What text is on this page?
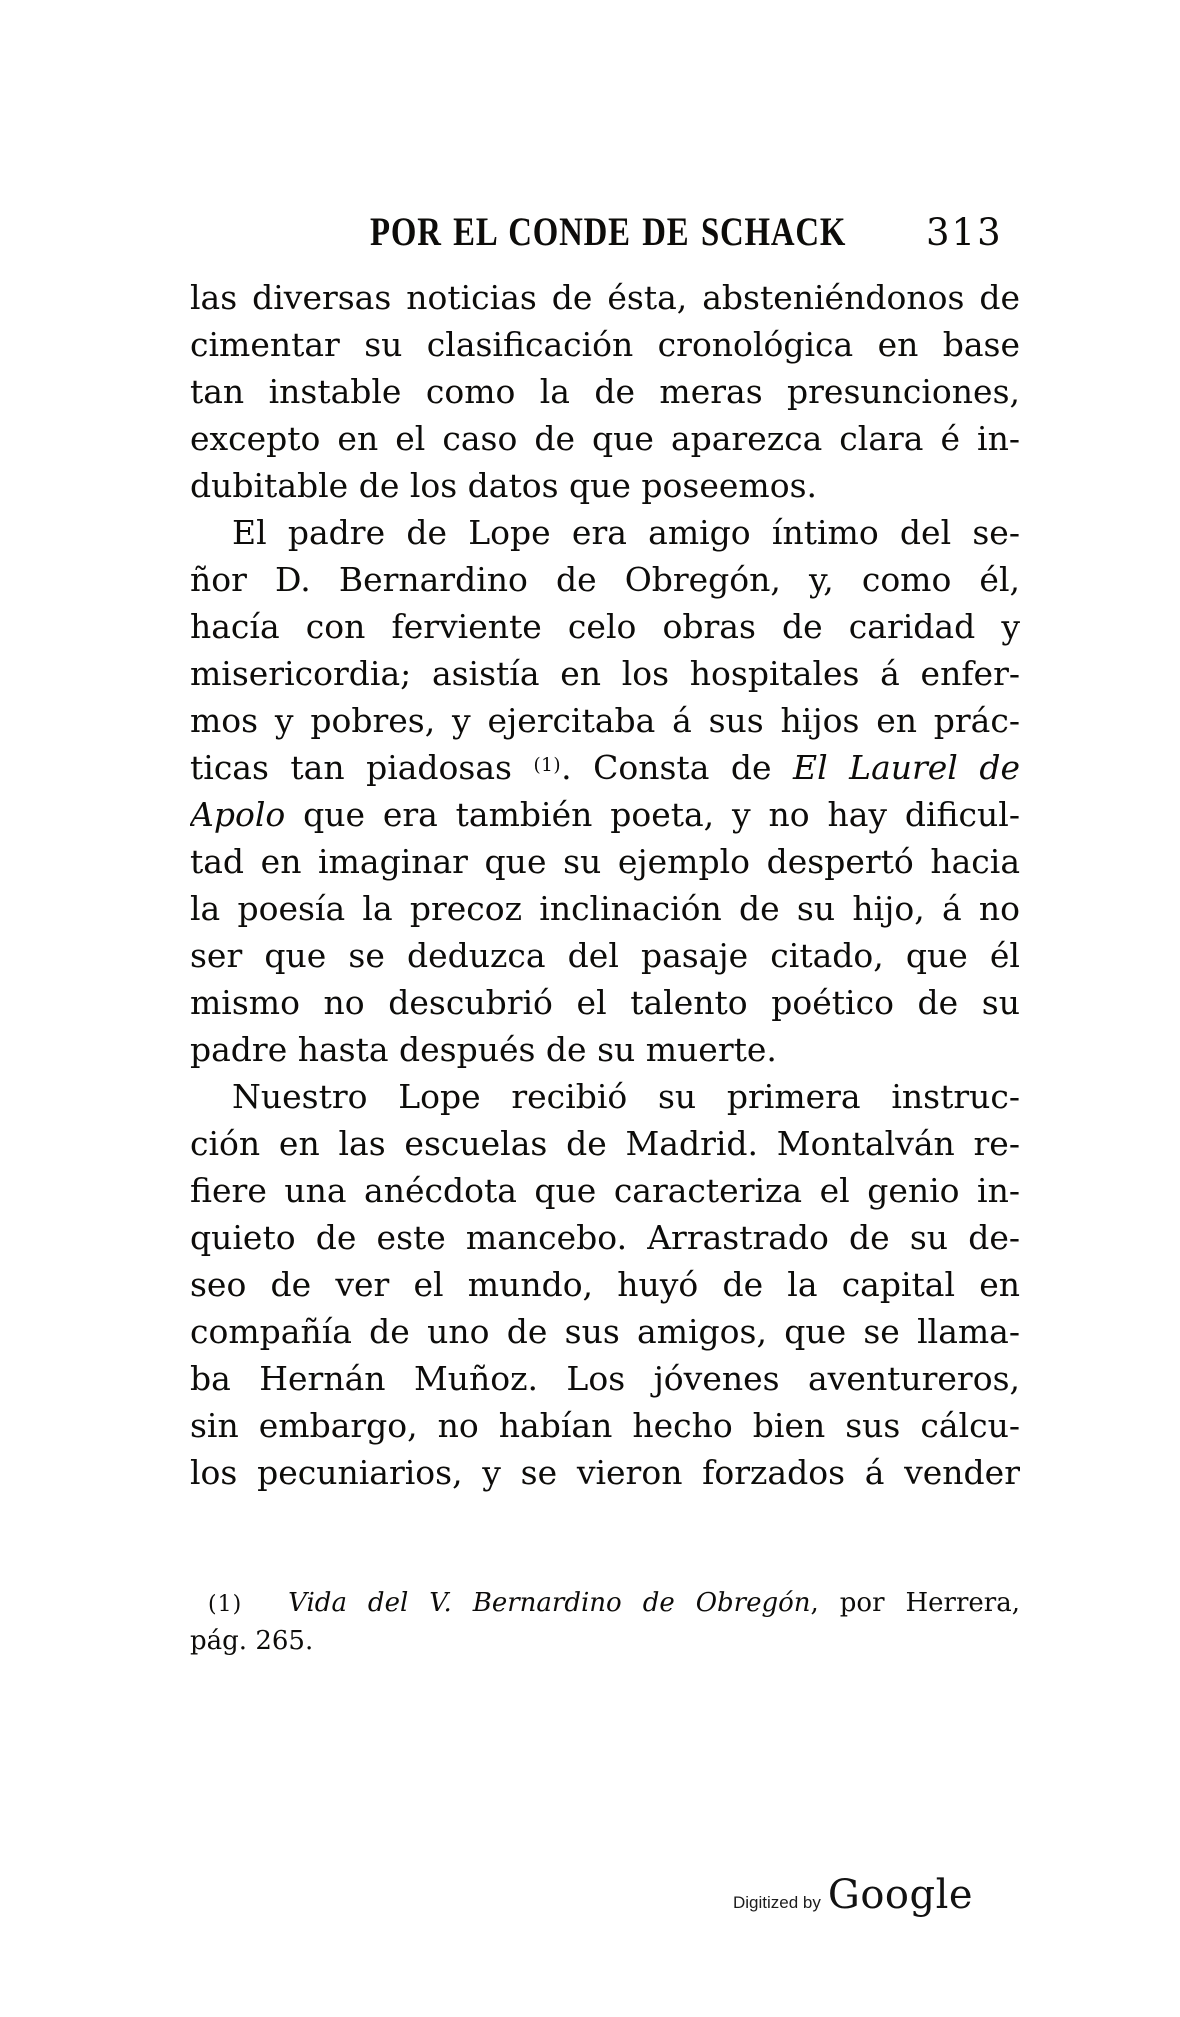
POR EL CONDE DE SCHACK 313
las diversas noticias de ésta, absteniéndonos de
cimentar su clasificación cronológica en base
tan instable como la de meras presunciones,
excepto en el caso de que aparezca clara é in-
dubitable de los datos que poseemos.
El padre de Lope era amigo íntimo del se-
ñor D. Bernardino de Obregón, y, como él,
hacía con ferviente celo obras de caridad y
misericordia; asistía en los hospitales á enfer-
mos y pobres, y ejercitaba á sus hijos en prác-
ticas tan piadosas $^{(1)}$. Consta de El Laurel de
Apolo que era también poeta, y no hay dificul-
tad en imaginar que su ejemplo despertó hacia
la poesía la precoz inclinación de su hijo, á no
ser que se deduzca del pasaje citado, que él
mismo no descubrió el talento poético de su
padre hasta después de su muerte.
Nuestro Lope recibió su primera instruc-
ción en las escuelas de Madrid. Montalván re-
fiere una anécdota que caracteriza el genio in-
quieto de este mancebo. Arrastrado de su de-
seo de ver el mundo, huyó de la capital en
compañía de uno de sus amigos, que se llama-
ba Hernán Muñoz. Los jóvenes aventureros,
sin embargo, no habían hecho bien sus cálcu-
los pecuniarios, y se vieron forzados á vender
(1) Vida del V. Bernardino de Obregón, por Herrera,
pág. 265.
Digitized by Google
